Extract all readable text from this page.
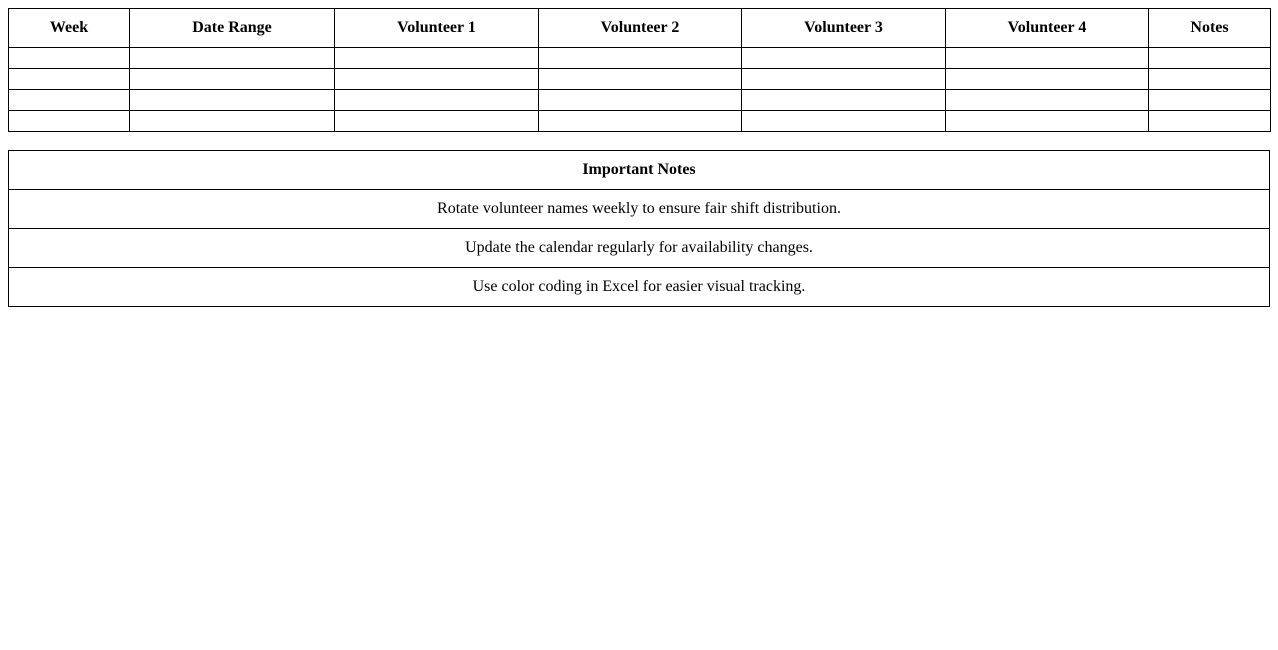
Week	Date Range	Volunteer 1	Volunteer 2	Volunteer 3	Volunteer 4	Notes

Important Notes
Rotate volunteer names weekly to ensure fair shift distribution.
Update the calendar regularly for availability changes.
Use color coding in Excel for easier visual tracking.
